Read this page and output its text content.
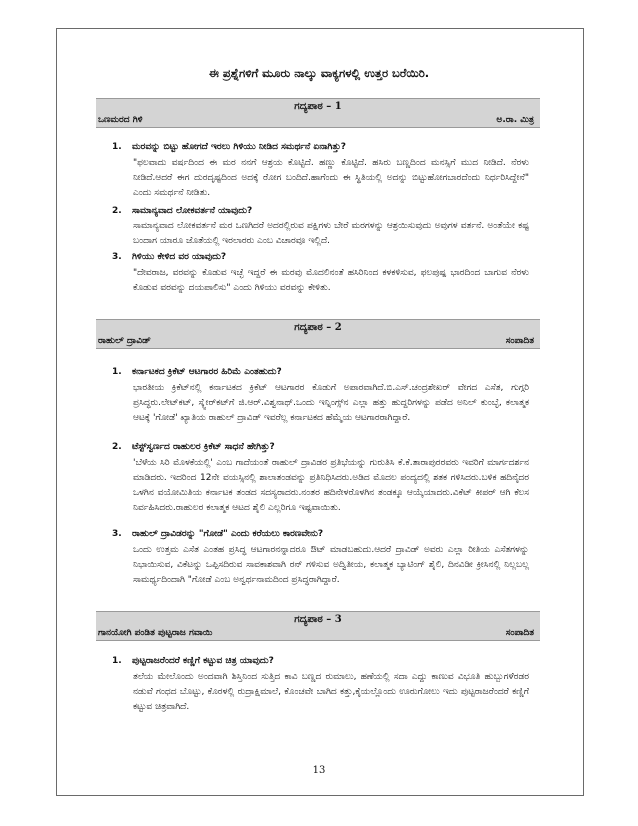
ಈ ಪ್ರಶ್ನೆಗಳಿಗೆ ಮೂರು ನಾಲ್ಕು ವಾಕ್ಯಗಳಲ್ಲಿ ಉತ್ತರ ಬರೆಯಿರಿ.
ಗದ್ಯಪಾಠ – 1
ಒಣಮರದ ಗಿಳಿ	ಅ.ರಾ. ಮಿತ್ರ
1. ಮರವನ್ನು ಬಿಟ್ಟು ಹೋಗದೆ ಇರಲು ಗಿಳಿಯು ನೀಡಿದ ಸಮರ್ಥನೆ ಏನಾಗಿತ್ತು?
"ಫಲವಾದು ವರ್ಷದಿಂದ ಈ ಮರ ನನಗೆ ಆಶ್ರಯ ಕೊಟ್ಟಿದೆ. ಹಣ್ಣು ಕೊಟ್ಟಿದೆ. ಹಸಿರು ಬಣ್ಣದಿಂದ ಮನಸ್ಸಿಗೆ ಮುದ ನೀಡಿದೆ. ನೆರಳು ನೀಡಿದೆ.ಆದರೆ ಈಗ ದುರದೃಷ್ಟದಿಂದ ಅದಕ್ಕೆ ರೋಗ ಬಂದಿದೆ.ಹಾಗೆಂದು ಈ ಸ್ಥಿತಿಯಲ್ಲಿ ಅದನ್ನು ಬಿಟ್ಟುಹೋಗಬಾರದೆಂದು ನಿರ್ಧರಿಸಿದ್ದೇನೆ" ಎಂದು ಸಮರ್ಥನೆ ನೀಡಿತು.
2. ಸಾಮಾನ್ಯವಾದ ಲೋಕವರ್ತನೆ ಯಾವುದು?
ಸಾಮಾನ್ಯವಾದ ಲೋಕವರ್ತನೆ ಮರ ಒಣಗಿದರೆ ಅದರಲ್ಲಿರುವ ಪಕ್ಷಿಗಳು ಬೇರೆ ಮರಗಳನ್ನು ಆಶ್ರಯಿಸುವುದು ಅವುಗಳ ವರ್ತನೆ. ಅಂತೆಯೇ ಕಷ್ಟ ಬಂದಾಗ ಯಾರೂ ಜೊತೆಯಲ್ಲಿ ಇರಲಾರರು ಎಂಬ ವಿಚಾರವೂ ಇಲ್ಲಿದೆ.
3. ಗಿಳಿಯು ಕೇಳಿದ ವರ ಯಾವುದು?
"ದೇವರಾಜ, ವರವನ್ನು ಕೊಡುವ ಇಚ್ಛೆ ಇದ್ದರೆ ಈ ಮರವು ಮೊದಲಿನಂತೆ ಹಸಿರಿನಿಂದ ಕಳಕಳಿಸುವ, ಫಲಪುಷ್ಪ ಭಾರದಿಂದ ಬಾಗುವ ನೆರಳು ಕೊಡುವ ವರವನ್ನು ದಯಪಾಲಿಸು" ಎಂದು ಗಿಳಿಯು ವರವನ್ನು ಕೇಳಿತು.
ಗದ್ಯಪಾಠ – 2
ರಾಹುಲ್ ದ್ರಾವಿಡ್	ಸಂಪಾದಿತ
1. ಕರ್ನಾಟಕದ ಕ್ರಿಕೆಟ್ ಆಟಗಾರರ ಹಿರಿಮೆ ಎಂತಹುದು?
ಭಾರತೀಯ ಕ್ರಿಕೆಟ್‌ನಲ್ಲಿ ಕರ್ನಾಟಕದ ಕ್ರಿಕೆಟ್ ಆಟಗಾರರ ಕೊಡುಗೆ ಅಪಾರವಾಗಿದೆ.ಬಿ.ಎಸ್.ಚಂದ್ರಶೇಖರ್ ವೇಗದ ಎಸೆತ, ಗುಗ್ಗರಿ ಪ್ರಸಿದ್ಧರು.ಲೇಟ್‌ಕಟ್, ಸ್ಕ್ವೇರ್‌ಕಟ್‌ಗೆ ಜಿ.ಆರ್.ವಿಶ್ವನಾಥ್.ಒಂದು ಇನ್ನಿಂಗ್ಸ್‌ನ ಎಲ್ಲಾ ಹತ್ತು ಹುದ್ದರಿಗಳನ್ನು ಪಡೆದ ಅನಿಲ್ ಕುಂಬ್ಳೆ, ಕಲಾತ್ಮಕ ಆಟಕ್ಕೆ 'ಗೋಡೆ' ಖ್ಯಾತಿಯ ರಾಹುಲ್ ದ್ರಾವಿಡ್ ಇವರೆಲ್ಲ ಕರ್ನಾಟಕದ ಹೆಮ್ಮೆಯ ಆಟಗಾರರಾಗಿದ್ದಾರೆ.
2. ಟೆಸ್ಟ್‌ಸ್ವರ್ಣದ ರಾಹುಲರ ಕ್ರಿಕೆಟ್ ಸಾಧನೆ ಹೇಗಿತ್ತು?
'ಬೆಳೆಯ ಸಿರಿ ಮೊಳಕೆಯಲ್ಲಿ' ಎಂಬ ಗಾದೆಯಂತೆ ರಾಹುಲ್ ದ್ರಾವಿಡರ ಪ್ರತಿಭೆಯನ್ನು ಗುರುತಿಸಿ ಕೆ.ಕೆ.ತಾರಾಪುರರವರು ಇವರಿಗೆ ಮಾರ್ಗದರ್ಶನ ಮಾಡಿದರು. ಇದರಿಂದ 12ನೇ ವಯಸ್ಸಿನಲ್ಲಿ ಶಾಲಾತಂಡವನ್ನು ಪ್ರತಿನಿಧಿಸಿದರು.ಅಡಿದ ಮೊದಲ ಪಂದ್ಯದಲ್ಲಿ ಶತಕ ಗಳಿಸಿದರು.ಬಳಿಕ ಹದಿನೈದರ ಒಳಗಿನ ವಯೋಮಿತಿಯ ಕರ್ನಾಟಕ ತಂಡದ ಸದಸ್ಯರಾದರು.ನಂತರ ಹದಿನೇಳರೊಳಗಿನ ತಂಡಕ್ಕೂ ಆಯ್ಕೆಯಾದರು.ವಿಕೆಟ್ ಕೀಪರ್ ಆಗಿ ಕೆಲಸ ನಿರ್ವಹಿಸಿದರು.ರಾಹುಲರ ಕಲಾತ್ಮಕ ಆಟದ ಶೈಲಿ ಎಲ್ಲರಿಗೂ ಇಷ್ಟವಾಯಿತು.
3. ರಾಹುಲ್ ದ್ರಾವಿಡರನ್ನು "ಗೋಡೆ" ಎಂದು ಕರೆಯಲು ಕಾರಣವೇನು?
ಒಂದು ಉತ್ತಮ ಎಸೆತ ಎಂತಹ ಪ್ರಸಿದ್ಧ ಆಟಗಾರನನ್ನಾದರೂ ಔಟ್ ಮಾಡಬಹುದು.ಆದರೆ ದ್ರಾವಿಡ್ ಅವರು ಎಲ್ಲಾ ರೀತಿಯ ಎಸೆತಗಳನ್ನು ನಿಭಾಯಿಸುವ, ವಿಕೆಟನ್ನು ಒಪ್ಪಿಸದಿರುವ ಸಾವಕಾಶವಾಗಿ ರನ್ ಗಳಿಸುವ ಅದ್ವಿತೀಯ, ಕಲಾತ್ಮಕ ಬ್ಯಾಟಿಂಗ್ ಶೈಲಿ, ದಿನವಿಡೀ ಕ್ರೀಸಿನಲ್ಲಿ ನಿಲ್ಲಬಲ್ಲ ಸಾಮರ್ಥ್ಯದಿಂದಾಗಿ "ಗೋಡೆ ಎಂಬ ಅನ್ವರ್ಥನಾಮದಿಂದ ಪ್ರಸಿದ್ಧರಾಗಿದ್ದಾರೆ.
ಗದ್ಯಪಾಠ – 3
ಗಾನಯೋಗಿ ಪಂಡಿತ ಪುಟ್ಟರಾಜ ಗವಾಯಿ	ಸಂಪಾದಿತ
1. ಪುಟ್ಟರಾಜರೆಂದರೆ ಕಣ್ಣಿಗೆ ಕಟ್ಟುವ ಚಿತ್ರ ಯಾವುದು?
ತಲೆಯ ಮೇಲೊಂದು ಅಂದವಾಗಿ ಶಿಸ್ತಿನಿಂದ ಸುತ್ತಿದ ಕಾವಿ ಬಣ್ಣದ ರುಮಾಲು, ಹಣೆಯಲ್ಲಿ ಸದಾ ಎದ್ದು ಕಾಣುವ ವಿಭೂತಿ ಹುಬ್ಬುಗಳೆರಡರ ನಡುವೆ ಗಂಧದ ಬೊಟ್ಟು, ಕೊರಳಲ್ಲಿ ರುದ್ರಾಕ್ಷಿಮಾಲೆ, ಕೊಂಚವೇ ಬಾಗಿದ ಕತ್ತು,ಕೈಯಲ್ಲೊಂದು ಊರುಗೋಲು ಇದು ಪುಟ್ಟರಾಜರೆಂದರೆ ಕಣ್ಣಿಗೆ ಕಟ್ಟುವ ಚಿತ್ರವಾಗಿದೆ.
13
